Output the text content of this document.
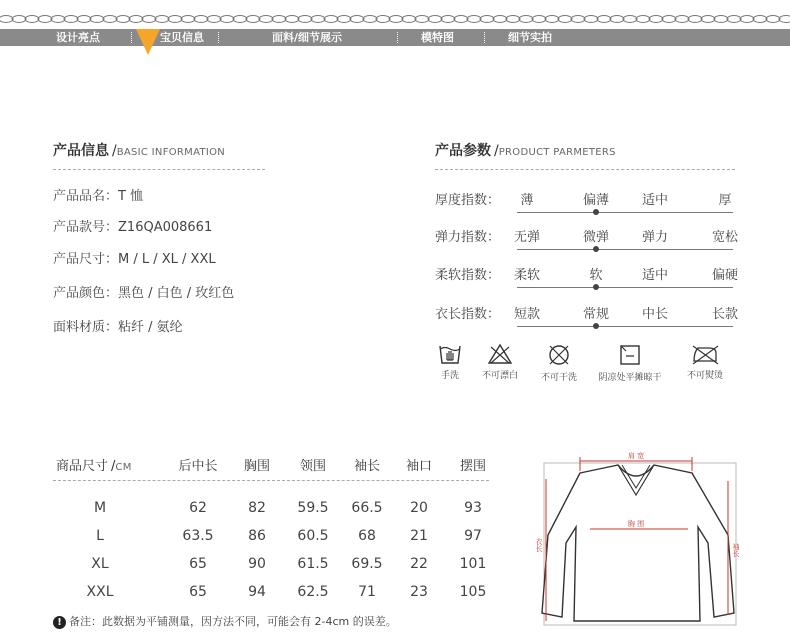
设计亮点	宝贝信息	面料/细节展示	模特图	细节实拍
产品信息 /BASIC INFORMATION
产品品名：T 恤
产品款号：Z16QA008661
产品尺寸：M / L / XL / XXL
产品颜色：黑色 / 白色 / 玫红色
面料材质：粘纤 / 氨纶
产品参数 /PRODUCT PARMETERS
厚度指数： 薄	偏薄	适中	厚
弹力指数： 无弹	微弹	弹力	宽松
柔软指数： 柔软	软	适中	偏硬
衣长指数： 短款	常规	中长	长款
手洗	不可漂白	不可干洗	阴凉处平摊晾干	不可熨烫
商品尺寸 /CM	后中长 胸围 领围 袖长 袖口 摆围
M	62	82 59.5 66.5 20	93
L	63.5 86 60.5 68 21	97
XL	65	90 61.5 69.5 22 101
XXL	65	94 62.5 71 23 105
! 备注：此数据为平铺测量，因方法不同，可能会有 2-4cm 的误差。
肩 宽
胸 围
衣长	袖长
